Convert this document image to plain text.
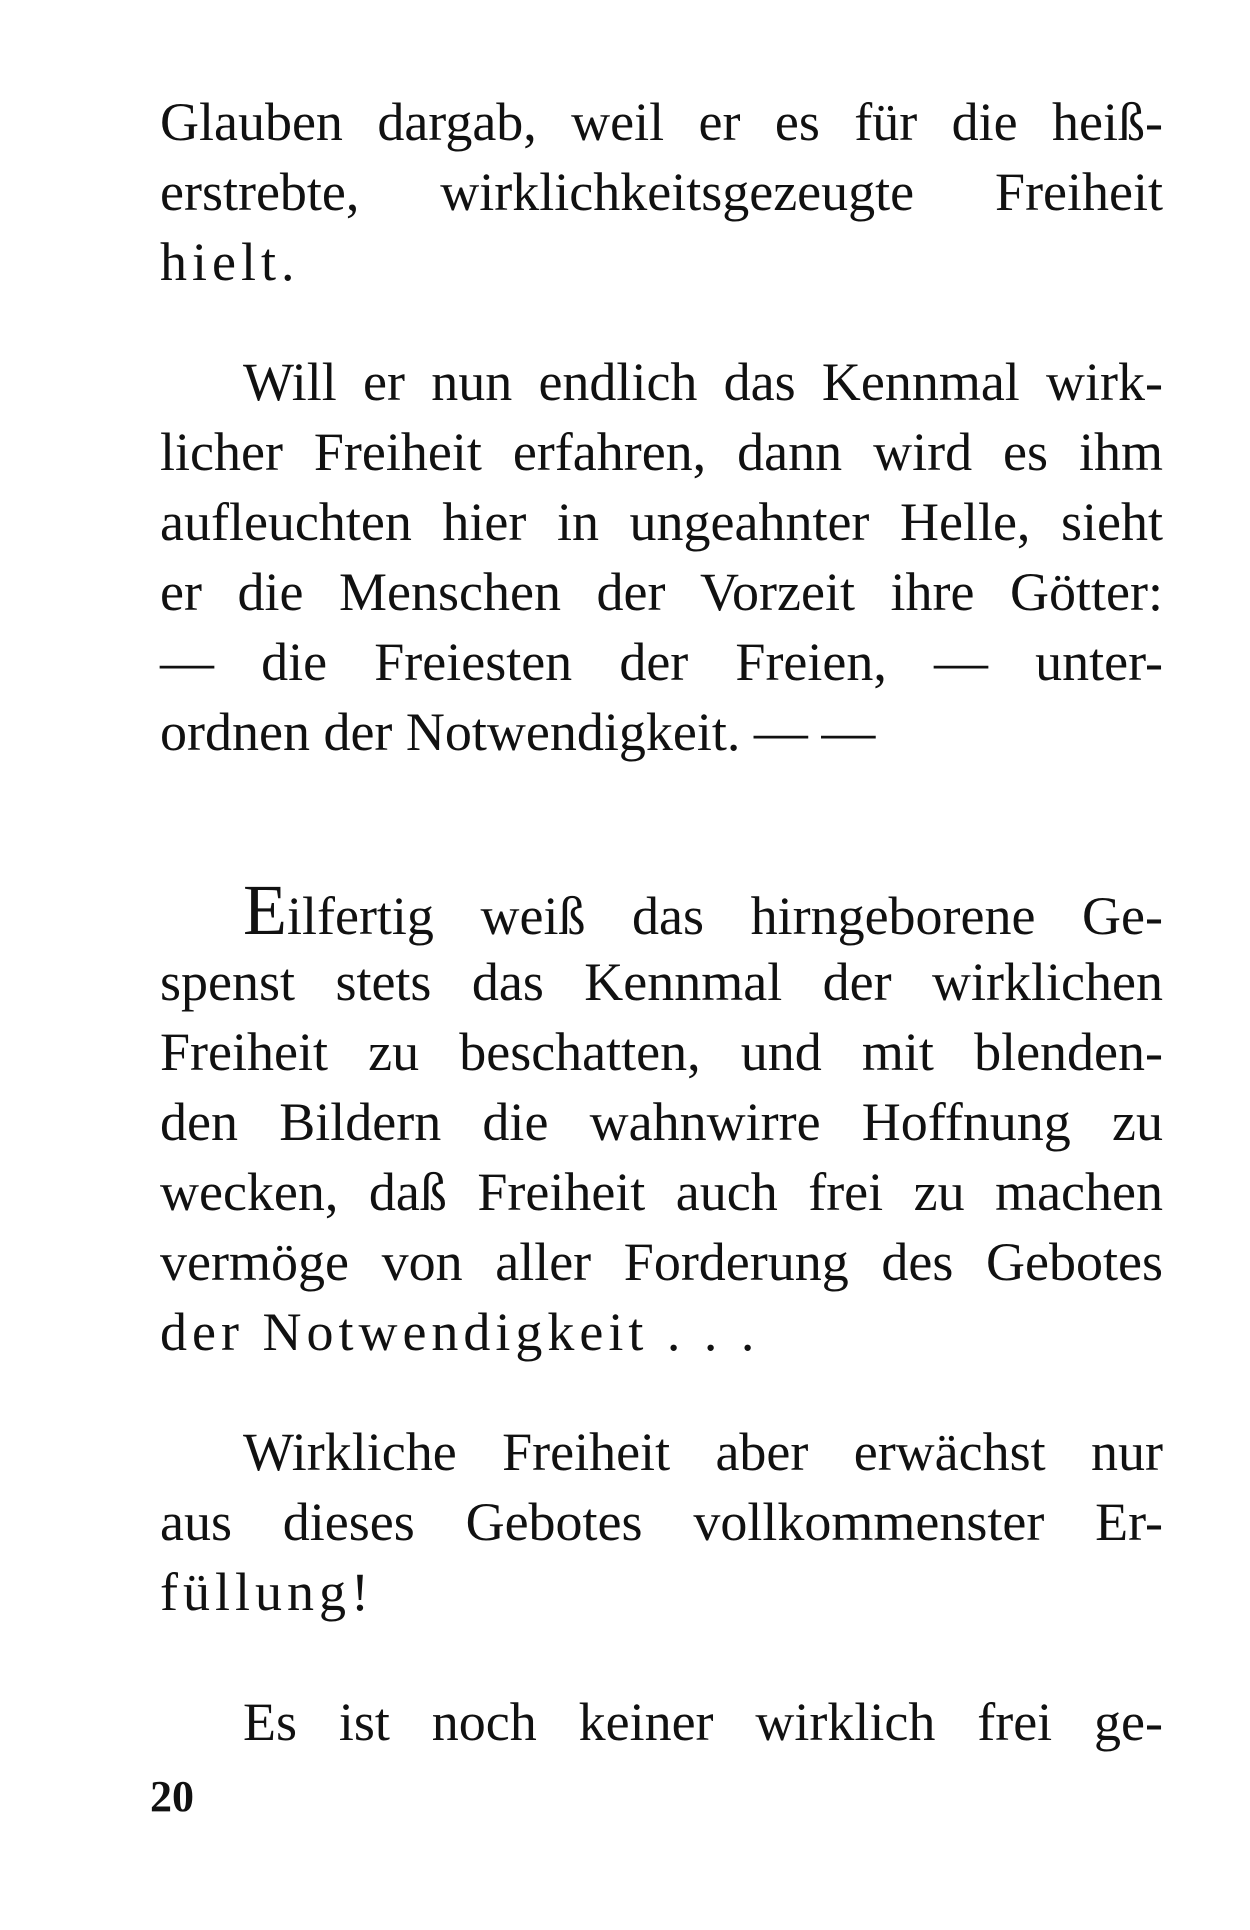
Glauben dargab, weil er es für die heiß-
erstrebte, wirklichkeitsgezeugte Freiheit
hielt.
Will er nun endlich das Kennmal wirk-
licher Freiheit erfahren, dann wird es ihm
aufleuchten hier in ungeahnter Helle, sieht
er die Menschen der Vorzeit ihre Götter:
— die Freiesten der Freien, — unter-
ordnen der Notwendigkeit. — —
Eilfertig weiß das hirngeborene Ge-
spenst stets das Kennmal der wirklichen
Freiheit zu beschatten, und mit blenden-
den Bildern die wahnwirre Hoffnung zu
wecken, daß Freiheit auch frei zu machen
vermöge von aller Forderung des Gebotes
der Notwendigkeit . . .
Wirkliche Freiheit aber erwächst nur
aus dieses Gebotes vollkommenster Er-
füllung!
Es ist noch keiner wirklich frei ge-
20
